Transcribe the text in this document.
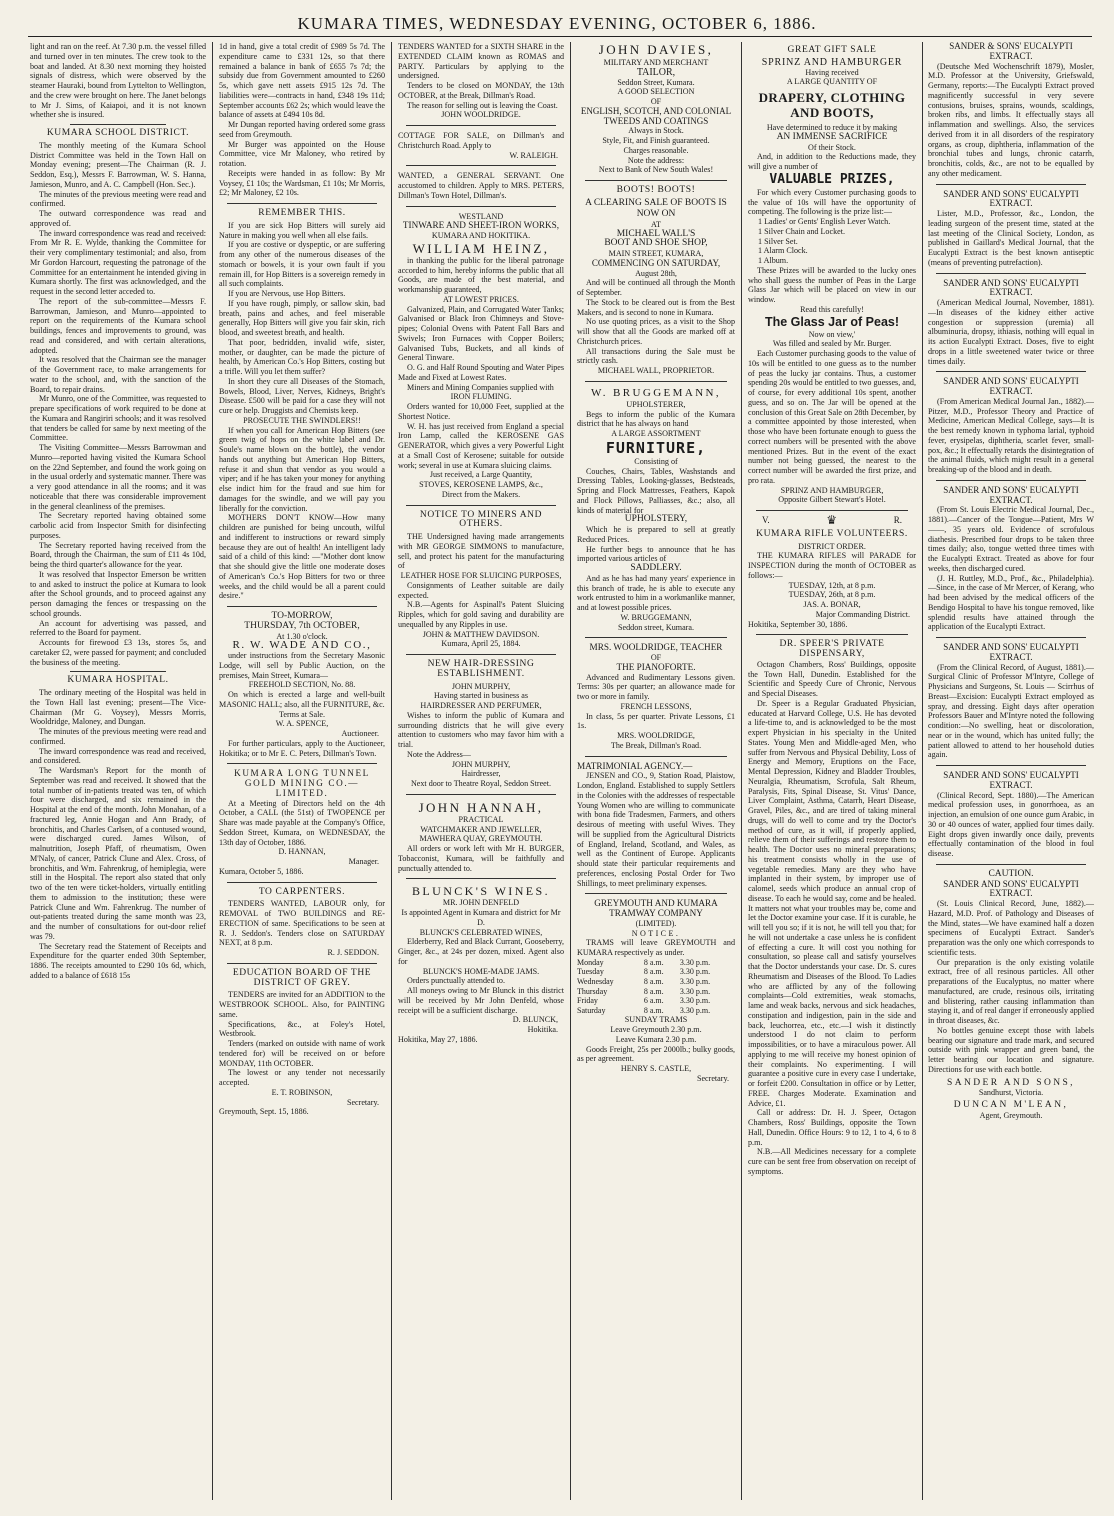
KUMARA TIMES, WEDNESDAY EVENING, OCTOBER 6, 1886.

light and ran on the reef. At 7.30 p.m. the vessel filled and turned over in ten minutes. The crew took to the boat and landed. At 8.30 next morning they hoisted signals of distress, which were observed by the steamer Hauraki, bound from Lyttelton to Wellington, and the crew were brought on here. The Janet belongs to Mr J. Sims, of Kaiapoi, and it is not known whether she is insured.

KUMARA SCHOOL DISTRICT.

The monthly meeting of the Kumara School District Committee was held in the Town Hall on Monday evening; present—The Chairman (R. J. Seddon, Esq.), Messrs F. Barrowman, W. S. Hanna, Jamieson, Munro, and A. C. Campbell (Hon. Sec.).

The minutes of the previous meeting were read and confirmed.

The outward correspondence was read and approved of.

The inward correspondence was read and received: From Mr R. E. Wylde, thanking the Committee for their very complimentary testimonial; and also, from Mr Gordon Harcourt, requesting the patronage of the Committee for an entertainment he intended giving in Kumara shortly. The first was acknowledged, and the request in the second letter acceded to.

The report of the sub-committee—Messrs F. Barrowman, Jamieson, and Munro—appointed to report on the requirements of the Kumara school buildings, fences and improvements to ground, was read and considered, and with certain alterations, adopted.

It was resolved that the Chairman see the manager of the Government race, to make arrangements for water to the school, and, with the sanction of the Board, to repair drains.

Mr Munro, one of the Committee, was requested to prepare specifications of work required to be done at the Kumara and Rangiriri schools; and it was resolved that tenders be called for same by next meeting of the Committee.

The Visiting Committee—Messrs Barrowman and Munro—reported having visited the Kumara School on the 22nd September, and found the work going on in the usual orderly and systematic manner. There was a very good attendance in all the rooms; and it was noticeable that there was considerable improvement in the general cleanliness of the premises.

The Secretary reported having obtained some carbolic acid from Inspector Smith for disinfecting purposes.

The Secretary reported having received from the Board, through the Chairman, the sum of £11 4s 10d, being the third quarter's allowance for the year.

It was resolved that Inspector Emerson be written to and asked to instruct the police at Kumara to look after the School grounds, and to proceed against any person damaging the fences or trespassing on the school grounds.

An account for advertising was passed, and referred to the Board for payment.

Accounts for firewood £3 13s, stores 5s, and caretaker £2, were passed for payment; and concluded the business of the meeting.

KUMARA HOSPITAL.

The ordinary meeting of the Hospital was held in the Town Hall last evening; present—The Vice-Chairman (Mr G. Voysey), Messrs Morris, Wooldridge, Maloney, and Dungan.

The minutes of the previous meeting were read and confirmed.

The inward correspondence was read and received, and considered.

The Wardsman's Report for the month of September was read and received. It showed that the total number of in-patients treated was ten, of which four were discharged, and six remained in the Hospital at the end of the month. John Monahan, of a fractured leg, Annie Hogan and Ann Brady, of bronchitis, and Charles Carlsen, of a contused wound, were discharged cured. James Wilson, of malnutrition, Joseph Pfaff, of rheumatism, Owen M'Naly, of cancer, Patrick Clune and Alex. Cross, of bronchitis, and Wm. Fahrenkrug, of hemiplegia, were still in the Hospital. The report also stated that only two of the ten were ticket-holders, virtually entitling them to admission to the institution; these were Patrick Clune and Wm. Fahrenkrug. The number of out-patients treated during the same month was 23, and the number of consultations for out-door relief was 79.

The Secretary read the Statement of Receipts and Expenditure for the quarter ended 30th September, 1886. The receipts amounted to £290 10s 6d, which, added to a balance of £618 15s

1d in hand, give a total credit of £989 5s 7d. The expenditure came to £331 12s, so that there remained a balance in bank of £655 7s 7d; the subsidy due from Government amounted to £260 5s, which gave nett assets £915 12s 7d. The liabilities were—contracts in hand, £348 19s 11d; September accounts £62 2s; which would leave the balance of assets at £494 10s 8d.

Mr Dungan reported having ordered some grass seed from Greymouth.

Mr Burger was appointed on the House Committee, vice Mr Maloney, who retired by rotation.

Receipts were handed in as follow: By Mr Voysey, £1 10s; the Wardsman, £1 10s; Mr Morris, £2; Mr Maloney, £2 10s.

REMEMBER THIS.

If you are sick Hop Bitters will surely aid Nature in making you well when all else fails.

If you are costive or dyspeptic, or are suffering from any other of the numerous diseases of the stomach or bowels, it is your own fault if you remain ill, for Hop Bitters is a sovereign remedy in all such complaints.

If you are Nervous, use Hop Bitters.

If you have rough, pimply, or sallow skin, bad breath, pains and aches, and feel miserable generally, Hop Bitters will give you fair skin, rich blood, and sweetest breath, and health.

That poor, bedridden, invalid wife, sister, mother, or daughter, can be made the picture of health, by American Co.'s Hop Bitters, costing but a trifle. Will you let them suffer?

In short they cure all Diseases of the Stomach, Bowels, Blood, Liver, Nerves, Kidneys, Bright's Disease. £500 will be paid for a case they will not cure or help. Druggists and Chemists keep.

PROSECUTE THE SWINDLERS!!

If when you call for American Hop Bitters (see green twig of hops on the white label and Dr. Soule's name blown on the bottle), the vendor hands out anything but American Hop Bitters, refuse it and shun that vendor as you would a viper; and if he has taken your money for anything else indict him for the fraud and sue him for damages for the swindle, and we will pay you liberally for the conviction.

MOTHERS DON'T KNOW—How many children are punished for being uncouth, wilful and indifferent to instructions or reward simply because they are out of health! An intelligent lady said of a child of this kind: —"Mother dont know that she should give the little one moderate doses of American's Co.'s Hop Bitters for two or three weeks, and the child would be all a parent could desire."

TO-MORROW,

THURSDAY, 7th OCTOBER,

At 1.30 o'clock.

R. W. WADE AND CO.,

under instructions from the Secretary Masonic Lodge, will sell by Public Auction, on the premises, Main Street, Kumara—

FREEHOLD SECTION, No. 88.

On which is erected a large and well-built MASONIC HALL; also, all the FURNITURE, &c.

Terms at Sale.

W. A. SPENCE,

Auctioneer.

For further particulars, apply to the Auctioneer, Hokitika; or to Mr E. C. Peters, Dillman's Town.

KUMARA LONG TUNNEL GOLD MINING CO.—LIMITED.

At a Meeting of Directors held on the 4th October, a CALL (the 51st) of TWOPENCE per Share was made payable at the Company's Office, Seddon Street, Kumara, on WEDNESDAY, the 13th day of October, 1886.

D. HANNAN,

Manager.

Kumara, October 5, 1886.

TO CARPENTERS.

TENDERS WANTED, LABOUR only, for REMOVAL of TWO BUILDINGS and RE-ERECTION of same. Specifications to be seen at R. J. Seddon's. Tenders close on SATURDAY NEXT, at 8 p.m.

R. J. SEDDON.

EDUCATION BOARD OF THE DISTRICT OF GREY.

TENDERS are invited for an ADDITION to the WESTBROOK SCHOOL. Also, for PAINTING same.

Specifications, &c., at Foley's Hotel, Westbrook.

Tenders (marked on outside with name of work tendered for) will be received on or before MONDAY, 11th OCTOBER.

The lowest or any tender not necessarily accepted.

E. T. ROBINSON,

Secretary.

Greymouth, Sept. 15, 1886.

TENDERS WANTED for a SIXTH SHARE in the EXTENDED CLAIM known as ROMAS and PARTY. Particulars by applying to the undersigned.

Tenders to be closed on MONDAY, the 13th OCTOBER, at the Break, Dillman's Road.

The reason for selling out is leaving the Coast.

JOHN WOOLDRIDGE.

COTTAGE FOR SALE, on Dillman's and Christchurch Road. Apply to

W. RALEIGH.

WANTED, a GENERAL SERVANT. One accustomed to children. Apply to MRS. PETERS, Dillman's Town Hotel, Dillman's.

WESTLAND

TINWARE AND SHEET-IRON WORKS,

KUMARA AND HOKITIKA.

WILLIAM HEINZ,

in thanking the public for the liberal patronage accorded to him, hereby informs the public that all Goods, are made of the best material, and workmanship guaranteed,

AT LOWEST PRICES.

Galvanized, Plain, and Corrugated Water Tanks; Galvanised or Black Iron Chimneys and Stove-pipes; Colonial Ovens with Patent Fall Bars and Swivels; Iron Furnaces with Copper Boilers; Galvanised Tubs, Buckets, and all kinds of General Tinware.

O. G. and Half Round Spouting and Water Pipes Made and Fixed at Lowest Rates.

Miners and Mining Companies supplied with

IRON FLUMING.

Orders wanted for 10,000 Feet, supplied at the Shortest Notice.

W. H. has just received from England a special Iron Lamp, called the KEROSENE GAS GENERATOR, which gives a very Powerful Light at a Small Cost of Kerosene; suitable for outside work; several in use at Kumara sluicing claims.

Just received, a Large Quantity,

STOVES, KEROSENE LAMPS, &c.,

Direct from the Makers.

NOTICE TO MINERS AND OTHERS.

THE Undersigned having made arrangements with MR GEORGE SIMMONS to manufacture, sell, and protect his patent for the manufacturing of

LEATHER HOSE FOR SLUICING PURPOSES,

Consignments of Leather suitable are daily expected.

N.B.—Agents for Aspinall's Patent Sluicing Ripples, which for gold saving and durability are unequalled by any Ripples in use.

JOHN & MATTHEW DAVIDSON.

Kumara, April 25, 1884.

NEW HAIR-DRESSING ESTABLISHMENT.

JOHN MURPHY,

Having started in business as

HAIRDRESSER AND PERFUMER,

Wishes to inform the public of Kumara and surrounding districts that he will give every attention to customers who may favor him with a trial.

Note the Address—

JOHN MURPHY,

Hairdresser,

Next door to Theatre Royal, Seddon Street.

JOHN HANNAH,

PRACTICAL

WATCHMAKER AND JEWELLER,

MAWHERA QUAY, GREYMOUTH.

All orders or work left with Mr H. BURGER, Tobacconist, Kumara, will be faithfully and punctually attended to.

BLUNCK'S WINES.

MR. JOHN DENFELD

Is appointed Agent in Kumara and district for Mr D.

BLUNCK'S CELEBRATED WINES,

Elderberry, Red and Black Currant, Gooseberry, Ginger, &c., at 24s per dozen, mixed. Agent also for

BLUNCK'S HOME-MADE JAMS.

Orders punctually attended to.

All moneys owing to Mr Blunck in this district will be received by Mr John Denfeld, whose receipt will be a sufficient discharge.

D. BLUNCK,

Hokitika.

Hokitika, May 27, 1886.

JOHN DAVIES,

MILITARY AND MERCHANT

TAILOR,

Seddon Street, Kumara.

A GOOD SELECTION

OF

ENGLISH, SCOTCH, AND COLONIAL TWEEDS AND COATINGS

Always in Stock.

Style, Fit, and Finish guaranteed.

Charges reasonable.

Note the address:

Next to Bank of New South Wales!

BOOTS! BOOTS!

A CLEARING SALE OF BOOTS IS NOW ON

AT

MICHAEL WALL'S

BOOT AND SHOE SHOP,

MAIN STREET, KUMARA,

COMMENCING ON SATURDAY,

August 28th,

And will be continued all through the Month of September.

The Stock to be cleared out is from the Best Makers, and is second to none in Kumara.

No use quoting prices, as a visit to the Shop will show that all the Goods are marked off at Christchurch prices.

All transactions during the Sale must be strictly cash.

MICHAEL WALL, PROPRIETOR.

W. BRUGGEMANN,

UPHOLSTERER,

Begs to inform the public of the Kumara district that he has always on hand

A LARGE ASSORTMENT

FURNITURE,

Consisting of

Couches, Chairs, Tables, Washstands and Dressing Tables, Looking-glasses, Bedsteads, Spring and Flock Mattresses, Feathers, Kapok and Flock Pillows, Palliasses, &c.; also, all kinds of material for

UPHOLSTERY,

Which he is prepared to sell at greatly Reduced Prices.

He further begs to announce that he has imported various articles of

SADDLERY.

And as he has had many years' experience in this branch of trade, he is able to execute any work entrusted to him in a workmanlike manner, and at lowest possible prices.

W. BRUGGEMANN,

Seddon street, Kumara.

MRS. WOOLDRIDGE, TEACHER

OF

THE PIANOFORTE.

Advanced and Rudimentary Lessons given. Terms: 30s per quarter; an allowance made for two or more in family.

FRENCH LESSONS,

In class, 5s per quarter. Private Lessons, £1 1s.

MRS. WOOLDRIDGE,

The Break, Dillman's Road.

MATRIMONIAL AGENCY.—

JENSEN and CO., 9, Station Road, Plaistow, London, England. Established to supply Settlers in the Colonies with the addresses of respectable Young Women who are willing to communicate with bona fide Tradesmen, Farmers, and others desirous of meeting with useful Wives. They will be supplied from the Agricultural Districts of England, Ireland, Scotland, and Wales, as well as the Continent of Europe. Applicants should state their particular requirements and preferences, enclosing Postal Order for Two Shillings, to meet preliminary expenses.

GREYMOUTH AND KUMARA TRAMWAY COMPANY

(LIMITED).

NOTICE.

TRAMS will leave GREYMOUTH and KUMARA respectively as under.

Monday	8 a.m.	3.30 p.m.
Tuesday	8 a.m.	3.30 p.m.
Wednesday	8 a.m.	3.30 p.m.
Thursday	8 a.m.	3.30 p.m.
Friday	6 a.m.	3.30 p.m.
Saturday	8 a.m.	3.30 p.m.

SUNDAY TRAMS

Leave Greymouth 2.30 p.m.

Leave Kumara 2.30 p.m.

Goods Freight, 25s per 2000lb.; bulky goods, as per agreement.

HENRY S. CASTLE,

Secretary.

GREAT GIFT SALE

SPRINZ AND HAMBURGER

Having received

A LARGE QUANTITY OF

DRAPERY, CLOTHING AND BOOTS,

Have determined to reduce it by making

AN IMMENSE SACRIFICE

Of their Stock.

And, in addition to the Reductions made, they will give a number of

VALUABLE PRIZES,

For which every Customer purchasing goods to the value of 10s will have the opportunity of competing. The following is the prize list:—

1 Ladies' or Gents' English Lever Watch.

1 Silver Chain and Locket.

1 Silver Set.

1 Alarm Clock.

1 Album.

These Prizes will be awarded to the lucky ones who shall guess the number of Peas in the Large Glass Jar which will be placed on view in our window.

Read this carefully!

The Glass Jar of Peas!

Now on view,'

Was filled and sealed by Mr. Burger.

Each Customer purchasing goods to the value of 10s will be entitled to one guess as to the number of peas the lucky jar contains. Thus, a customer spending 20s would be entitled to two guesses, and, of course, for every additional 10s spent, another guess, and so on. The Jar will be opened at the conclusion of this Great Sale on 28th December, by a committee appointed by those interested, when those who have been fortunate enough to guess the correct numbers will be presented with the above mentioned Prizes. But in the event of the exact number not being guessed, the nearest to the correct number will be awarded the first prize, and pro rata.

SPRINZ AND HAMBURGER,

Opposite Gilbert Stewart's Hotel.

V.	♛	R.
KUMARA RIFLE VOLUNTEERS.

DISTRICT ORDER.

THE KUMARA RIFLES will PARADE for INSPECTION during the month of OCTOBER as follows:—

TUESDAY, 12th, at 8 p.m.

TUESDAY, 26th, at 8 p.m.

JAS. A. BONAR,

Major Commanding District.

Hokitika, September 30, 1886.

DR. SPEER'S PRIVATE DISPENSARY,

Octagon Chambers, Ross' Buildings, opposite the Town Hall, Dunedin. Established for the Scientific and Speedy Cure of Chronic, Nervous and Special Diseases.

Dr. Speer is a Regular Graduated Physician, educated at Harvard College, U.S. He has devoted a life-time to, and is acknowledged to be the most expert Physician in his specialty in the United States. Young Men and Middle-aged Men, who suffer from Nervous and Physical Debility, Loss of Energy and Memory, Eruptions on the Face, Mental Depression, Kidney and Bladder Troubles, Neuralgia, Rheumatism, Scrofula, Salt Rheum, Paralysis, Fits, Spinal Disease, St. Vitus' Dance, Liver Complaint, Asthma, Catarrh, Heart Disease, Gravel, Piles, &c., and are tired of taking mineral drugs, will do well to come and try the Doctor's method of cure, as it will, if properly applied, relieve them of their sufferings and restore them to health. The Doctor uses no mineral preparations; his treatment consists wholly in the use of vegetable remedies. Many are they who have implanted in their system, by improper use of calomel, seeds which produce an annual crop of disease. To each he would say, come and be healed. It matters not what your troubles may be, come and let the Doctor examine your case. If it is curable, he will tell you so; if it is not, he will tell you that; for he will not undertake a case unless he is confident of effecting a cure. It will cost you nothing for consultation, so please call and satisfy yourselves that the Doctor understands your case. Dr. S. cures Rheumatism and Diseases of the Blood. To Ladies who are afflicted by any of the following complaints—Cold extremities, weak stomachs, lame and weak backs, nervous and sick headaches, constipation and indigestion, pain in the side and back, leuchorrea, etc., etc.—I wish it distinctly understood I do not claim to perform impossibilities, or to have a miraculous power. All applying to me will receive my honest opinion of their complaints. No experimenting. I will guarantee a positive cure in every case I undertake, or forfeit £200. Consultation in office or by Letter, FREE. Charges Moderate. Examination and Advice, £1.

Call or address: Dr. H. J. Speer, Octagon Chambers, Ross' Buildings, opposite the Town Hall, Dunedin. Office Hours: 9 to 12, 1 to 4, 6 to 8 p.m.

N.B.—All Medicines necessary for a complete cure can be sent free from observation on receipt of symptoms.

SANDER & SONS' EUCALYPTI EXTRACT.

(Deutsche Med Wochenschrift 1879), Mosler, M.D. Professor at the University, Griefswald, Germany, reports:—The Eucalypti Extract proved magnificently successful in very severe contusions, bruises, sprains, wounds, scaldings, broken ribs, and limbs. It effectually stays all inflammation and swellings. Also, the services derived from it in all disorders of the respiratory organs, as croup, diphtheria, inflammation of the bronchial tubes and lungs, chronic catarrh, bronchitis, colds, &c., are not to be equalled by any other medicament.

SANDER AND SONS' EUCALYPTI EXTRACT.

Lister, M.D., Professor, &c., London, the leading surgeon of the present time, stated at the last meeting of the Clinical Society, London, as published in Gaillard's Medical Journal, that the Eucalypti Extract is the best known antiseptic (means of preventing putrefaction).

SANDER AND SONS' EUCALYPTI EXTRACT.

(American Medical Journal, November, 1881).—In diseases of the kidney either active congestion or suppression (uremia) all albuminuria, dropsy, ithiasis, nothing will equal in its action Eucalypti Extract. Doses, five to eight drops in a little sweetened water twice or three times daily.

SANDER AND SONS' EUCALYPTI EXTRACT.

(From American Medical Journal Jan., 1882).—Pitzer, M.D., Professor Theory and Practice of Medicine, American Medical College, says—It is the best remedy known in typhoma larial, typhoid fever, erysipelas, diphtheria, scarlet fever, small-pox, &c.; It effectually retards the disintegration of the animal fluids, which might result in a general breaking-up of the blood and in death.

SANDER AND SONS' EUCALYPTI EXTRACT.

(From St. Louis Electric Medical Journal, Dec., 1881).—Cancer of the Tongue—Patient, Mrs W——, 35 years old. Evidence of scrofulous diathesis. Prescribed four drops to be taken three times daily; also, tongue wetted three times with the Eucalypti Extract. Treated as above for four weeks, then discharged cured.

(J. H. Ruttley, M.D., Prof., &c., Philadelphia).—Since, in the case of Mr Mercer, of Kerang, who had been advised by the medical officers of the Bendigo Hospital to have his tongue removed, like splendid results have attained through the application of the Eucalypti Extract.

SANDER AND SONS' EUCALYPTI EXTRACT.

(From the Clinical Record, of August, 1881).—Surgical Clinic of Professor M'Intyre, College of Physicians and Surgeons, St. Louis — Scirrhus of Breast—Excision: Eucalypti Extract employed as spray, and dressing. Eight days after operation Professors Bauer and M'Intyre noted the following condition:—No swelling, heat or discoloration, near or in the wound, which has united fully; the patient allowed to attend to her household duties again.

SANDER AND SONS' EUCALYPTI EXTRACT.

(Clinical Record, Sept. 1880).—The American medical profession uses, in gonorrhoea, as an injection, an emulsion of one ounce gum Arabic, in 30 or 40 ounces of water, applied four times daily. Eight drops given inwardly once daily, prevents effectually contamination of the blood in foul disease.

CAUTION.

SANDER AND SONS' EUCALYPTI EXTRACT.

(St. Louis Clinical Record, June, 1882).—Hazard, M.D. Prof. of Pathology and Diseases of the Mind, states—We have examined half a dozen specimens of Eucalypti Extract. Sander's preparation was the only one which corresponds to scientific tests.

Our preparation is the only existing volatile extract, free of all resinous particles. All other preparations of the Eucalyptus, no matter where manufactured, are crude, resinous oils, irritating and blistering, rather causing inflammation than staying it, and of real danger if erroneously applied in throat diseases, &c.

No bottles genuine except those with labels bearing our signature and trade mark, and secured outside with pink wrapper and green band, the letter bearing our location and signature. Directions for use with each bottle.

SANDER AND SONS,

Sandhurst, Victoria.

DUNCAN M'LEAN,

Agent, Greymouth.
